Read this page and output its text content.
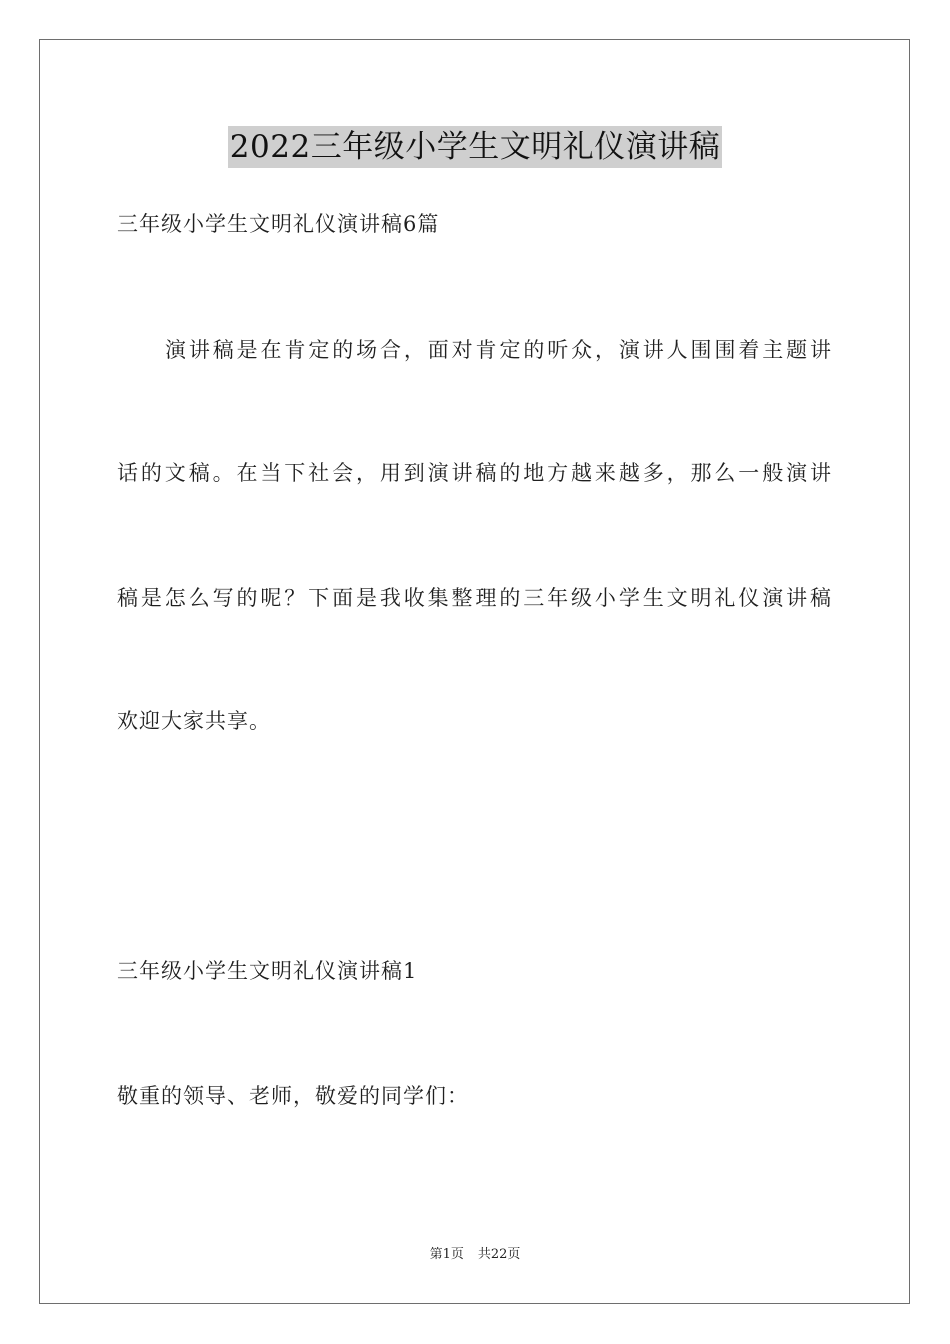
2022三年级小学生文明礼仪演讲稿
三年级小学生文明礼仪演讲稿6篇
演讲稿是在肯定的场合，面对肯定的听众，演讲人围围着主题讲
话的文稿。在当下社会，用到演讲稿的地方越来越多，那么一般演讲
稿是怎么写的呢？下面是我收集整理的三年级小学生文明礼仪演讲稿
欢迎大家共享。
三年级小学生文明礼仪演讲稿1
敬重的领导、老师，敬爱的同学们：
第1页 共22页
